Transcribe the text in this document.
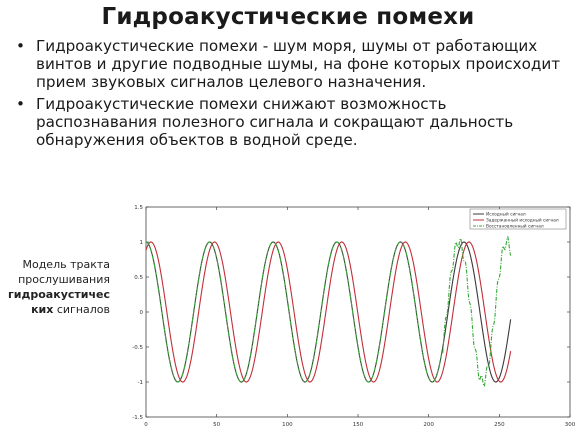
Гидроакустические помехи
• Гидроакустические помехи - шум моря, шумы от работающих винтов и другие подводные шумы, на фоне которых происходит прием звуковых сигналов целевого назначения.
• Гидроакустические помехи снижают возможность распознавания полезного сигнала и сокращают дальность обнаружения объектов в водной среде.
Модель тракта прослушивания гидроакустичес ких сигналов
0	50	100	150	200	250	300
-1.5
-1
-0.5
0
0.5
1
1.5
Исходный сигнал
Задержанный исходный сигнал
Восстановленный сигнал
